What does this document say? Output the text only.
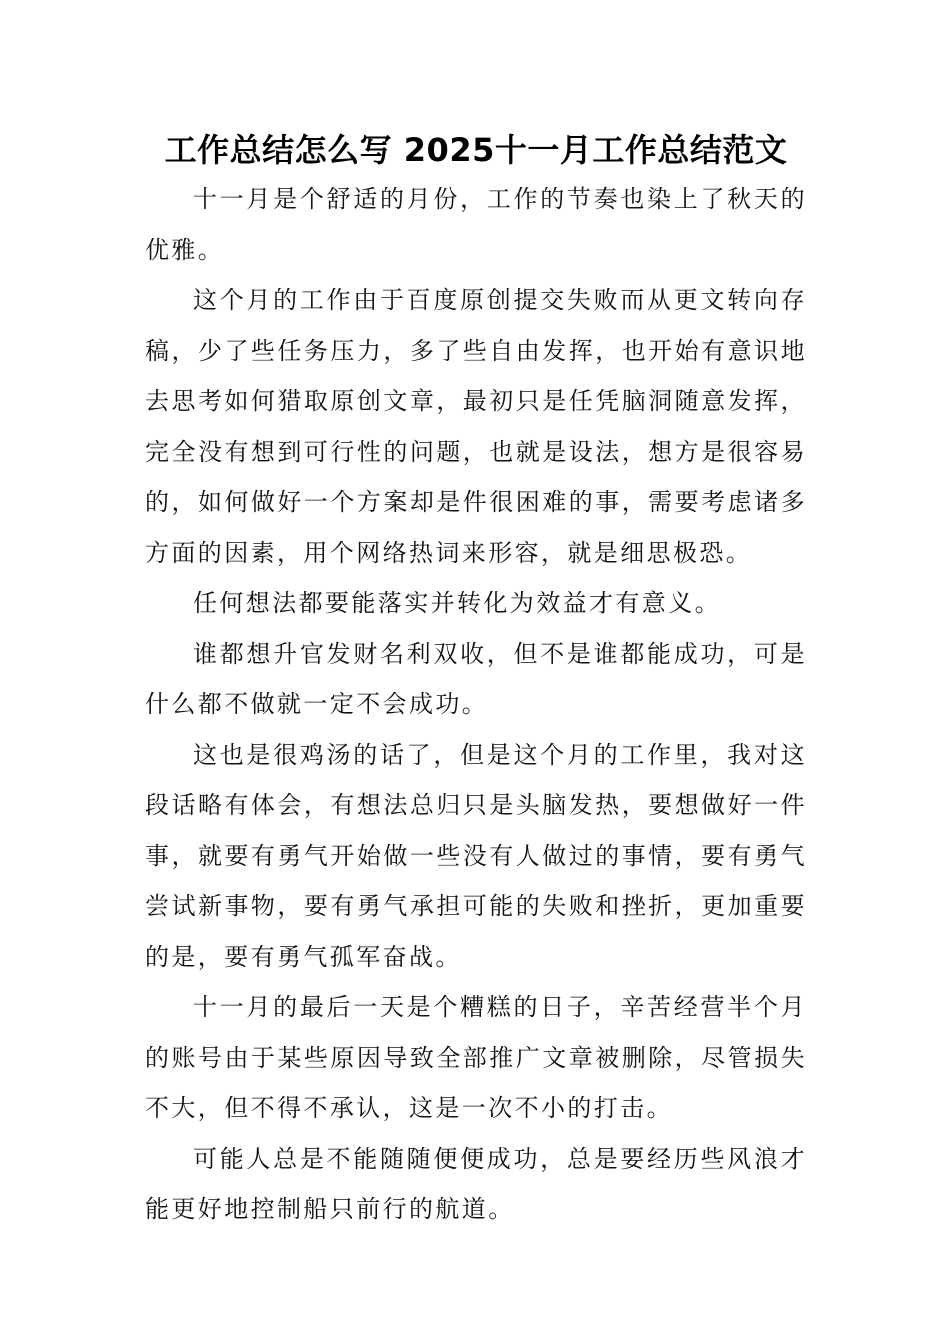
工作总结怎么写 2025十一月工作总结范文

十一月是个舒适的月份，工作的节奏也染上了秋天的优雅。

这个月的工作由于百度原创提交失败而从更文转向存稿，少了些任务压力，多了些自由发挥，也开始有意识地去思考如何猎取原创文章，最初只是任凭脑洞随意发挥，完全没有想到可行性的问题，也就是设法，想方是很容易的，如何做好一个方案却是件很困难的事，需要考虑诸多方面的因素，用个网络热词来形容，就是细思极恐。

任何想法都要能落实并转化为效益才有意义。

谁都想升官发财名利双收，但不是谁都能成功，可是什么都不做就一定不会成功。

这也是很鸡汤的话了，但是这个月的工作里，我对这段话略有体会，有想法总归只是头脑发热，要想做好一件事，就要有勇气开始做一些没有人做过的事情，要有勇气尝试新事物，要有勇气承担可能的失败和挫折，更加重要的是，要有勇气孤军奋战。

十一月的最后一天是个糟糕的日子，辛苦经营半个月的账号由于某些原因导致全部推广文章被删除，尽管损失不大，但不得不承认，这是一次不小的打击。

可能人总是不能随随便便成功，总是要经历些风浪才能更好地控制船只前行的航道。
